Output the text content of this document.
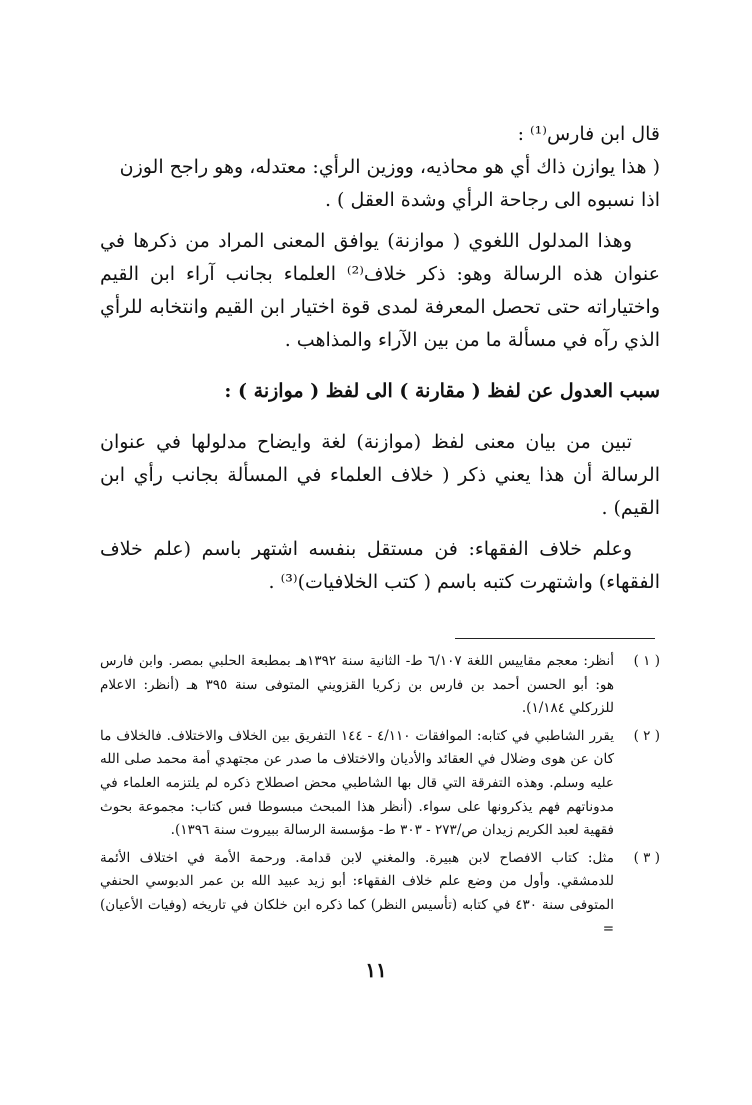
قال ابن فارس⁽¹⁾ :

( هذا يوازن ذاك أي هو محاذيه، ووزين الرأي: معتدله، وهو راجح الوزن

اذا نسبوه الى رجاحة الرأي وشدة العقل ) .

وهذا المدلول اللغوي ( موازنة) يوافق المعنى المراد من ذكرها في عنوان هذه الرسالة وهو: ذكر خلاف⁽²⁾ العلماء بجانب آراء ابن القيم واختياراته حتى تحصل المعرفة لمدى قوة اختيار ابن القيم وانتخابه للرأي الذي رآه في مسألة ما من بين الآراء والمذاهب .

سبب العدول عن لفظ ( مقارنة ) الى لفظ ( موازنة ) :

تبين من بيان معنى لفظ (موازنة) لغة وايضاح مدلولها في عنوان الرسالة أن هذا يعني ذكر ( خلاف العلماء في المسألة بجانب رأي ابن القيم) .

وعلم خلاف الفقهاء: فن مستقل بنفسه اشتهر باسم (علم خلاف الفقهاء) واشتهرت كتبه باسم ( كتب الخلافيات)⁽³⁾ .

( ١ )
أنظر: معجم مقاييس اللغة ٦/١٠٧ ط- الثانية سنة ١٣٩٢هـ بمطبعة الحلبي بمصر. وابن فارس هو: أبو الحسن أحمد بن فارس بن زكريا القزويني المتوفى سنة ٣٩٥ هـ (أنظر: الاعلام للزركلي ١/١٨٤).
( ٢ )
يقرر الشاطبي في كتابه: الموافقات ٤/١١٠ - ١٤٤ التفريق بين الخلاف والاختلاف. فالخلاف ما كان عن هوى وضلال في العقائد والأديان والاختلاف ما صدر عن مجتهدي أمة محمد صلى الله عليه وسلم. وهذه التفرقة التي قال بها الشاطبي محض اصطلاح ذكره لم يلتزمه العلماء في مدوناتهم فهم يذكرونها على سواء. (أنظر هذا المبحث مبسوطا فس كتاب: مجموعة بحوث فقهية لعبد الكريم زيدان ص/٢٧٣ - ٣٠٣ ط- مؤسسة الرسالة ببيروت سنة ١٣٩٦).
( ٣ )
مثل: كتاب الافصاح لابن هبيرة. والمغني لابن قدامة. ورحمة الأمة في اختلاف الأئمة للدمشقي. وأول من وضع علم خلاف الفقهاء: أبو زيد عبيد الله بن عمر الدبوسي الحنفي المتوفى سنة ٤٣٠ في كتابه (تأسيس النظر) كما ذكره ابن خلكان في تاريخه (وفيات الأعيان) =
١١
